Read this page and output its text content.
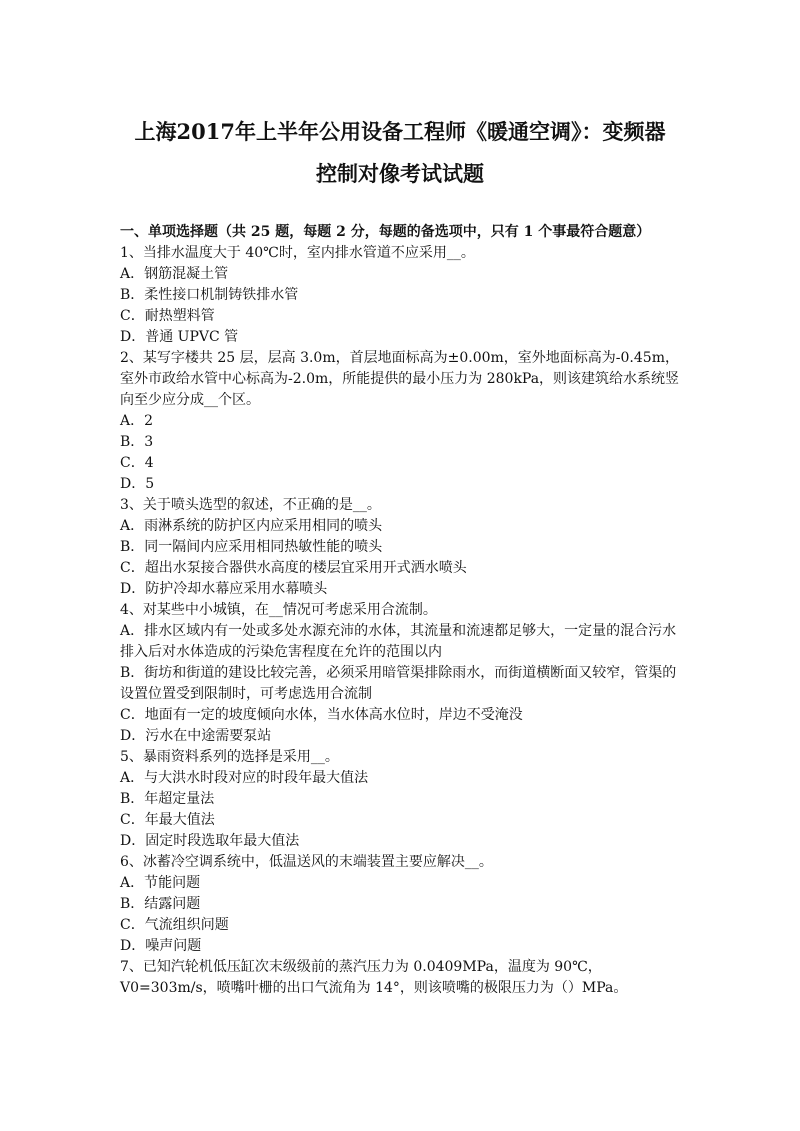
上海2017年上半年公用设备工程师《暖通空调》：变频器
控制对像考试试题

一、单项选择题（共 25 题，每题 2 分，每题的备选项中，只有 1 个事最符合题意）

1、当排水温度大于 40℃时，室内排水管道不应采用__。

A．钢筋混凝土管

B．柔性接口机制铸铁排水管

C．耐热塑料管

D．普通 UPVC 管

2、某写字楼共 25 层，层高 3.0m，首层地面标高为±0.00m，室外地面标高为-0.45m，室外市政给水管中心标高为-2.0m，所能提供的最小压力为 280kPa，则该建筑给水系统竖向至少应分成__个区。

A．2

B．3

C．4

D．5

3、关于喷头选型的叙述，不正确的是__。

A．雨淋系统的防护区内应采用相同的喷头

B．同一隔间内应采用相同热敏性能的喷头

C．超出水泵接合器供水高度的楼层宜采用开式洒水喷头

D．防护冷却水幕应采用水幕喷头

4、对某些中小城镇，在__情况可考虑采用合流制。

A．排水区域内有一处或多处水源充沛的水体，其流量和流速都足够大，一定量的混合污水排入后对水体造成的污染危害程度在允许的范围以内

B．街坊和街道的建设比较完善，必须采用暗管渠排除雨水，而街道横断面又较窄，管渠的设置位置受到限制时，可考虑选用合流制

C．地面有一定的坡度倾向水体，当水体高水位时，岸边不受淹没

D．污水在中途需要泵站

5、暴雨资料系列的选择是采用__。

A．与大洪水时段对应的时段年最大值法

B．年超定量法

C．年最大值法

D．固定时段选取年最大值法

6、冰蓄冷空调系统中，低温送风的末端装置主要应解决__。

A．节能问题

B．结露问题

C．气流组织问题

D．噪声问题

7、已知汽轮机低压缸次末级级前的蒸汽压力为 0.0409MPa，温度为 90℃，V0=303m/s，喷嘴叶栅的出口气流角为 14°，则该喷嘴的极限压力为（）MPa。
